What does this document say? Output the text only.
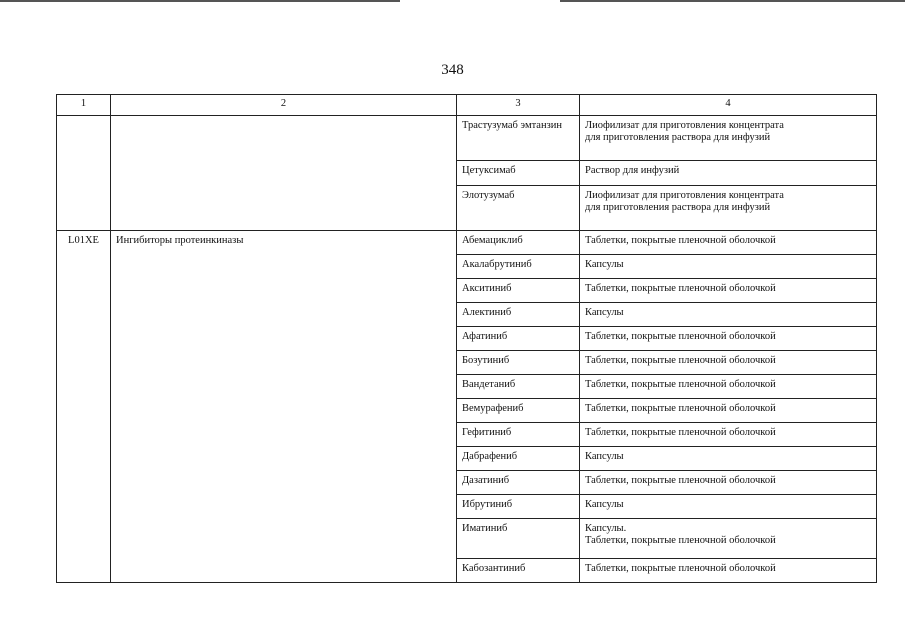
348
1	2	3	4
		Трастузумаб эмтанзин	Лиофилизат для приготовления концентрата
для приготовления раствора для инфузий

		Цетуксимаб	Раствор для инфузий

		Элотузумаб	Лиофилизат для приготовления концентрата
для приготовления раствора для инфузий

L01XE	Ингибиторы протеинкиназы	Абемациклиб	Таблетки, покрытые пленочной оболочкой

		Акалабрутиниб	Капсулы

		Акситиниб	Таблетки, покрытые пленочной оболочкой

		Алектиниб	Капсулы

		Афатиниб	Таблетки, покрытые пленочной оболочкой

		Бозутиниб	Таблетки, покрытые пленочной оболочкой

		Вандетаниб	Таблетки, покрытые пленочной оболочкой

		Вемурафениб	Таблетки, покрытые пленочной оболочкой

		Гефитиниб	Таблетки, покрытые пленочной оболочкой

		Дабрафениб	Капсулы

		Дазатиниб	Таблетки, покрытые пленочной оболочкой

		Ибрутиниб	Капсулы

		Иматиниб	Капсулы.
Таблетки, покрытые пленочной оболочкой

		Кабозантиниб	Таблетки, покрытые пленочной оболочкой
